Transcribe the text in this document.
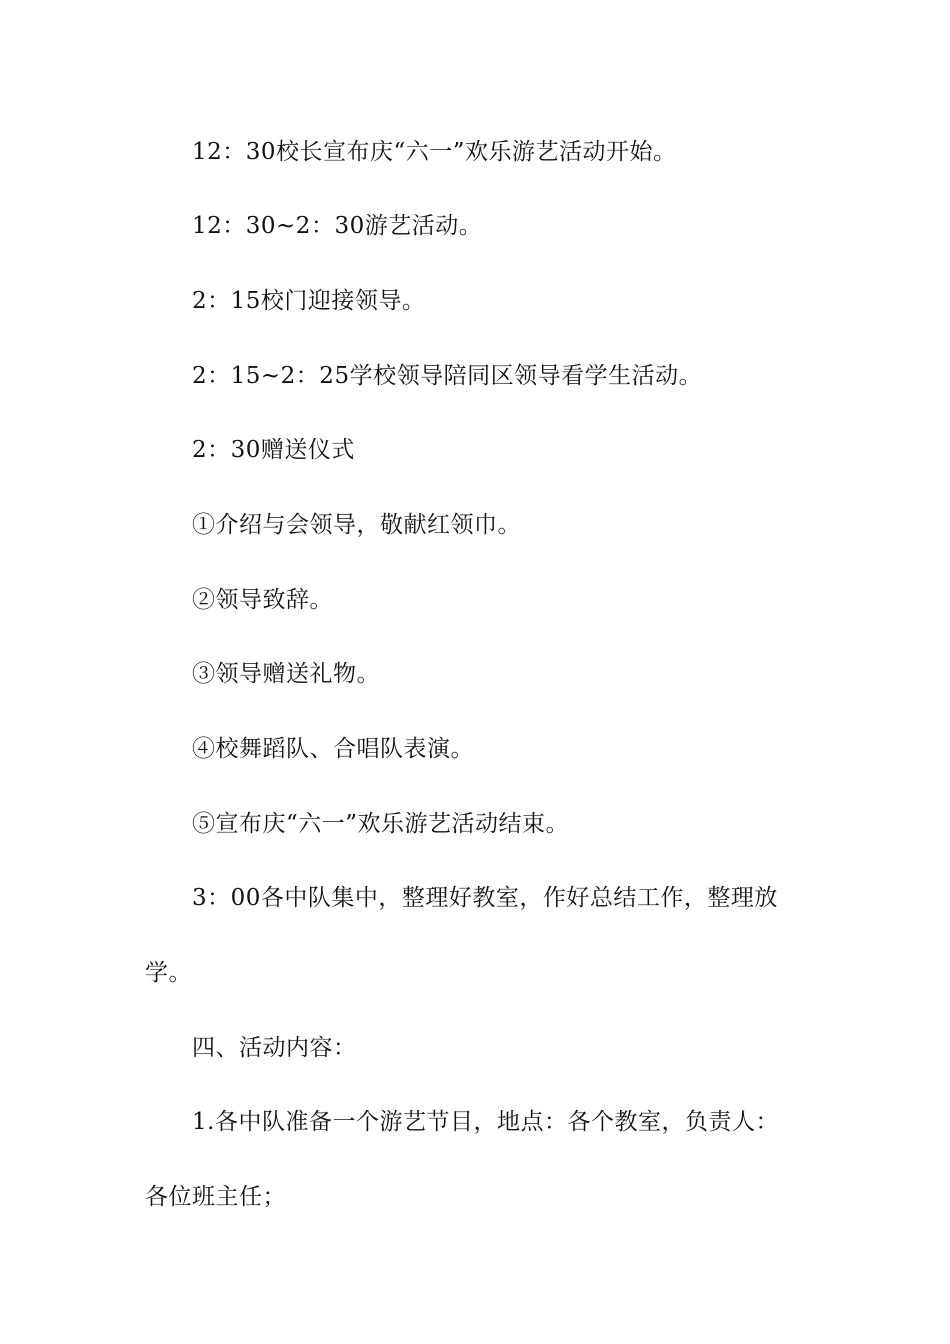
12：30校长宣布庆“六一”欢乐游艺活动开始。

12：30~2：30游艺活动。

2：15校门迎接领导。

2：15~2：25学校领导陪同区领导看学生活动。

2：30赠送仪式

①介绍与会领导，敬献红领巾。

②领导致辞。

③领导赠送礼物。

④校舞蹈队、合唱队表演。

⑤宣布庆“六一”欢乐游艺活动结束。

3：00各中队集中，整理好教室，作好总结工作，整理放

学。

四、活动内容：

1.各中队准备一个游艺节目，地点：各个教室，负责人：

各位班主任；
